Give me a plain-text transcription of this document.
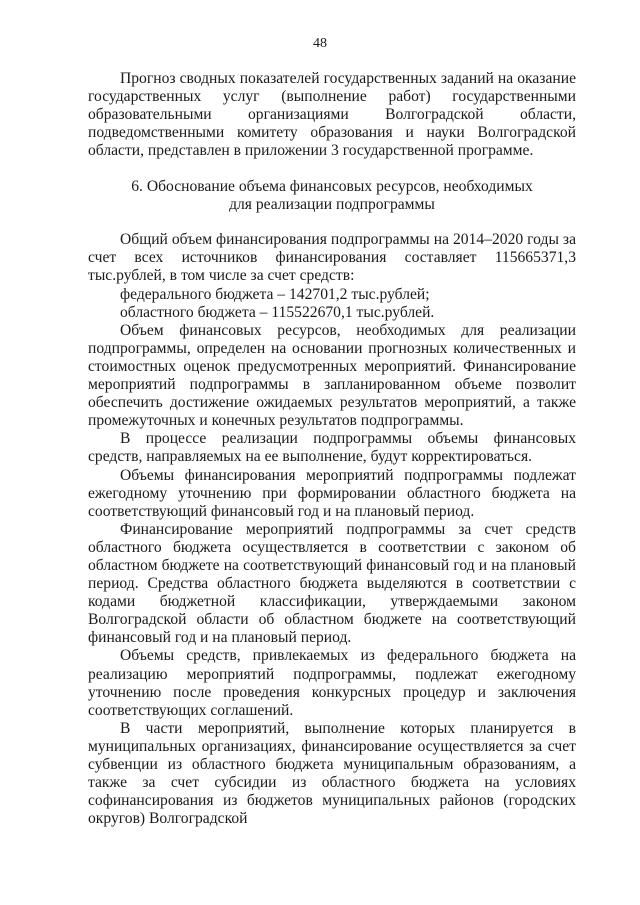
48

Прогноз сводных показателей государственных заданий на оказание государственных услуг (выполнение работ) государственными образовательными организациями Волгоградской области, подведомственными комитету образования и науки Волгоградской области, представлен в приложении 3 государственной программе.

6. Обоснование объема финансовых ресурсов, необходимых
для реализации подпрограммы

Общий объем финансирования подпрограммы на 2014–2020 годы за счет всех источников финансирования составляет 115665371,3 тыс.рублей, в том числе за счет средств:

федерального бюджета – 142701,2 тыс.рублей;
областного бюджета – 115522670,1 тыс.рублей.

Объем финансовых ресурсов, необходимых для реализации подпрограммы, определен на основании прогнозных количественных и стоимостных оценок предусмотренных мероприятий. Финансирование мероприятий подпрограммы в запланированном объеме позволит обеспечить достижение ожидаемых результатов мероприятий, а также промежуточных и конечных результатов подпрограммы.

В процессе реализации подпрограммы объемы финансовых средств, направляемых на ее выполнение, будут корректироваться.

Объемы финансирования мероприятий подпрограммы подлежат ежегодному уточнению при формировании областного бюджета на соответствующий финансовый год и на плановый период.

Финансирование мероприятий подпрограммы за счет средств областного бюджета осуществляется в соответствии с законом об областном бюджете на соответствующий финансовый год и на плановый период. Средства областного бюджета выделяются в соответствии с кодами бюджетной классификации, утверждаемыми законом Волгоградской области об областном бюджете на соответствующий финансовый год и на плановый период.

Объемы средств, привлекаемых из федерального бюджета на реализацию мероприятий подпрограммы, подлежат ежегодному уточнению после проведения конкурсных процедур и заключения соответствующих соглашений.

В части мероприятий, выполнение которых планируется в муниципальных организациях, финансирование осуществляется за счет субвенции из областного бюджета муниципальным образованиям, а также за счет субсидии из областного бюджета на условиях софинансирования из бюджетов муниципальных районов (городских округов) Волгоградской
